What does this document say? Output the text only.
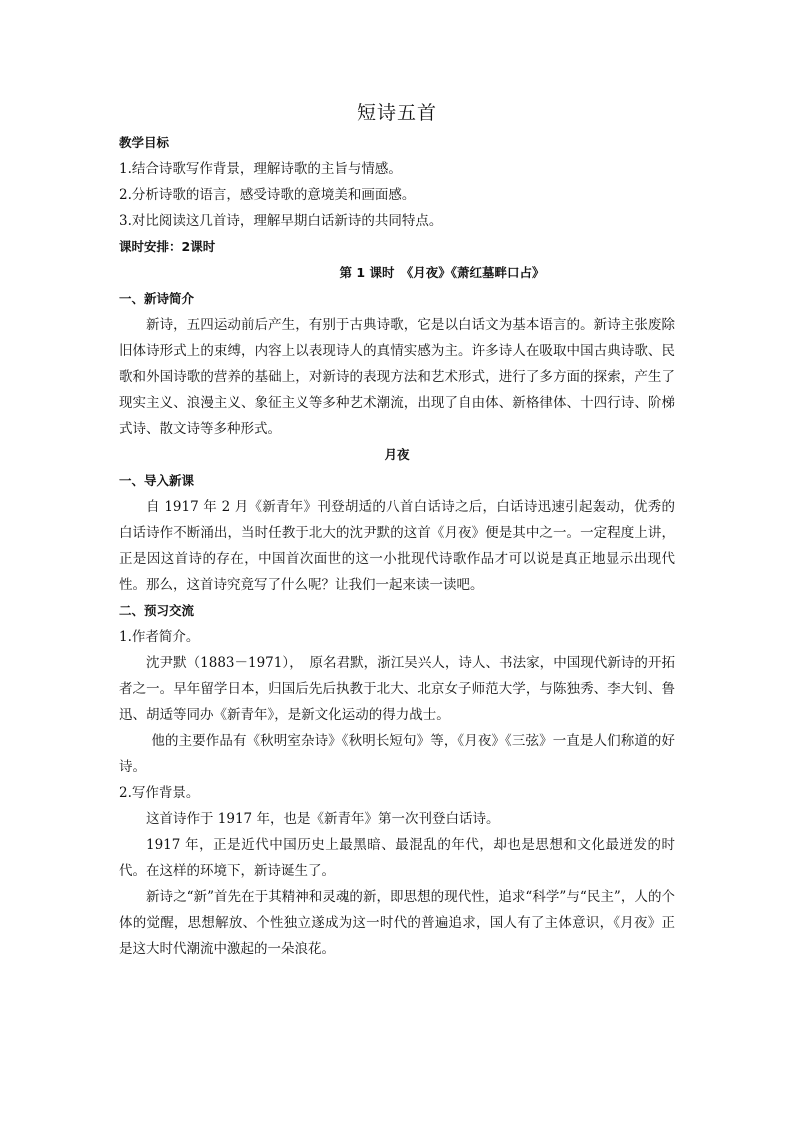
短诗五首

教学目标

1.结合诗歌写作背景，理解诗歌的主旨与情感。

2.分析诗歌的语言，感受诗歌的意境美和画面感。

3.对比阅读这几首诗，理解早期白话新诗的共同特点。

课时安排：2课时

第 1 课时　《月夜》《萧红墓畔口占》

一、新诗简介

新诗，五四运动前后产生，有别于古典诗歌，它是以白话文为基本语言的。新诗主张废除旧体诗形式上的束缚，内容上以表现诗人的真情实感为主。许多诗人在吸取中国古典诗歌、民歌和外国诗歌的营养的基础上，对新诗的表现方法和艺术形式，进行了多方面的探索，产生了现实主义、浪漫主义、象征主义等多种艺术潮流，出现了自由体、新格律体、十四行诗、阶梯式诗、散文诗等多种形式。

月夜

一、导入新课

自 1917 年 2 月《新青年》刊登胡适的八首白话诗之后，白话诗迅速引起轰动，优秀的白话诗作不断涌出，当时任教于北大的沈尹默的这首《月夜》便是其中之一。一定程度上讲，正是因这首诗的存在，中国首次面世的这一小批现代诗歌作品才可以说是真正地显示出现代性。那么，这首诗究竟写了什么呢？让我们一起来读一读吧。

二、预习交流

1.作者简介。

沈尹默（1883－1971），　原名君默，浙江吴兴人，诗人、书法家，中国现代新诗的开拓者之一。早年留学日本，归国后先后执教于北大、北京女子师范大学，与陈独秀、李大钊、鲁迅、胡适等同办《新青年》，是新文化运动的得力战士。

他的主要作品有《秋明室杂诗》《秋明长短句》等，《月夜》《三弦》一直是人们称道的好诗。

2.写作背景。

这首诗作于 1917 年，也是《新青年》第一次刊登白话诗。

1917 年，正是近代中国历史上最黑暗、最混乱的年代，却也是思想和文化最迸发的时代。在这样的环境下，新诗诞生了。

新诗之“新”首先在于其精神和灵魂的新，即思想的现代性，追求“科学”与“民主”，人的个体的觉醒，思想解放、个性独立遂成为这一时代的普遍追求，国人有了主体意识，《月夜》正是这大时代潮流中激起的一朵浪花。
